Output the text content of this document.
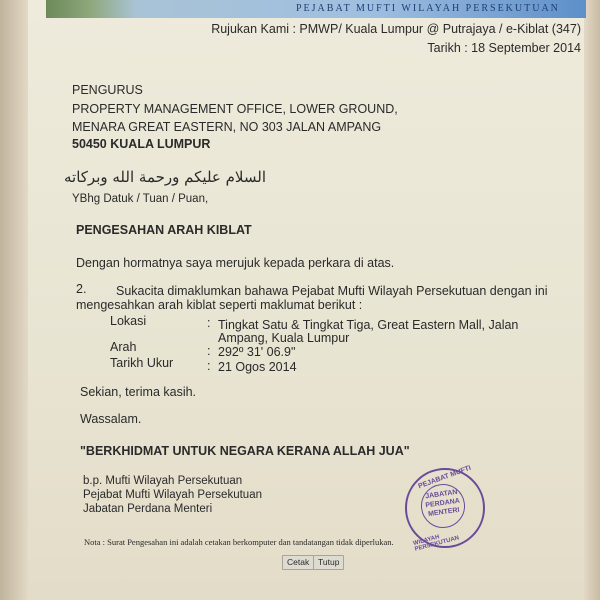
PEJABAT MUFTI WILAYAH PERSEKUTUAN
Rujukan Kami : PMWP/ Kuala Lumpur @ Putrajaya / e-Kiblat (347)
Tarikh : 18 September 2014
PENGURUS
PROPERTY MANAGEMENT OFFICE, LOWER GROUND,
MENARA GREAT EASTERN, NO 303 JALAN AMPANG
50450 KUALA LUMPUR
السلام عليكم ورحمة الله وبركاته
YBhg Datuk / Tuan / Puan,
PENGESAHAN ARAH KIBLAT
Dengan hormatnya saya merujuk kepada perkara di atas.
2. Sukacita dimaklumkan bahawa Pejabat Mufti Wilayah Persekutuan dengan ini
mengesahkan arah kiblat seperti maklumat berikut :
Lokasi	: Tingkat Satu & Tingkat Tiga, Great Eastern Mall, Jalan
Ampang, Kuala Lumpur
Arah	: 292º 31' 06.9"
Tarikh Ukur	: 21 Ogos 2014
Sekian, terima kasih.
Wassalam.
"BERKHIDMAT UNTUK NEGARA KERANA ALLAH JUA"
b.p. Mufti Wilayah Persekutuan
Pejabat Mufti Wilayah Persekutuan
Jabatan Perdana Menteri
PEJABAT MUFTI
JABATAN PERDANA MENTERI
WILAYAH PERSEKUTUAN
Nota : Surat Pengesahan ini adalah cetakan berkomputer dan tandatangan tidak diperlukan.
Cetak	Tutup
